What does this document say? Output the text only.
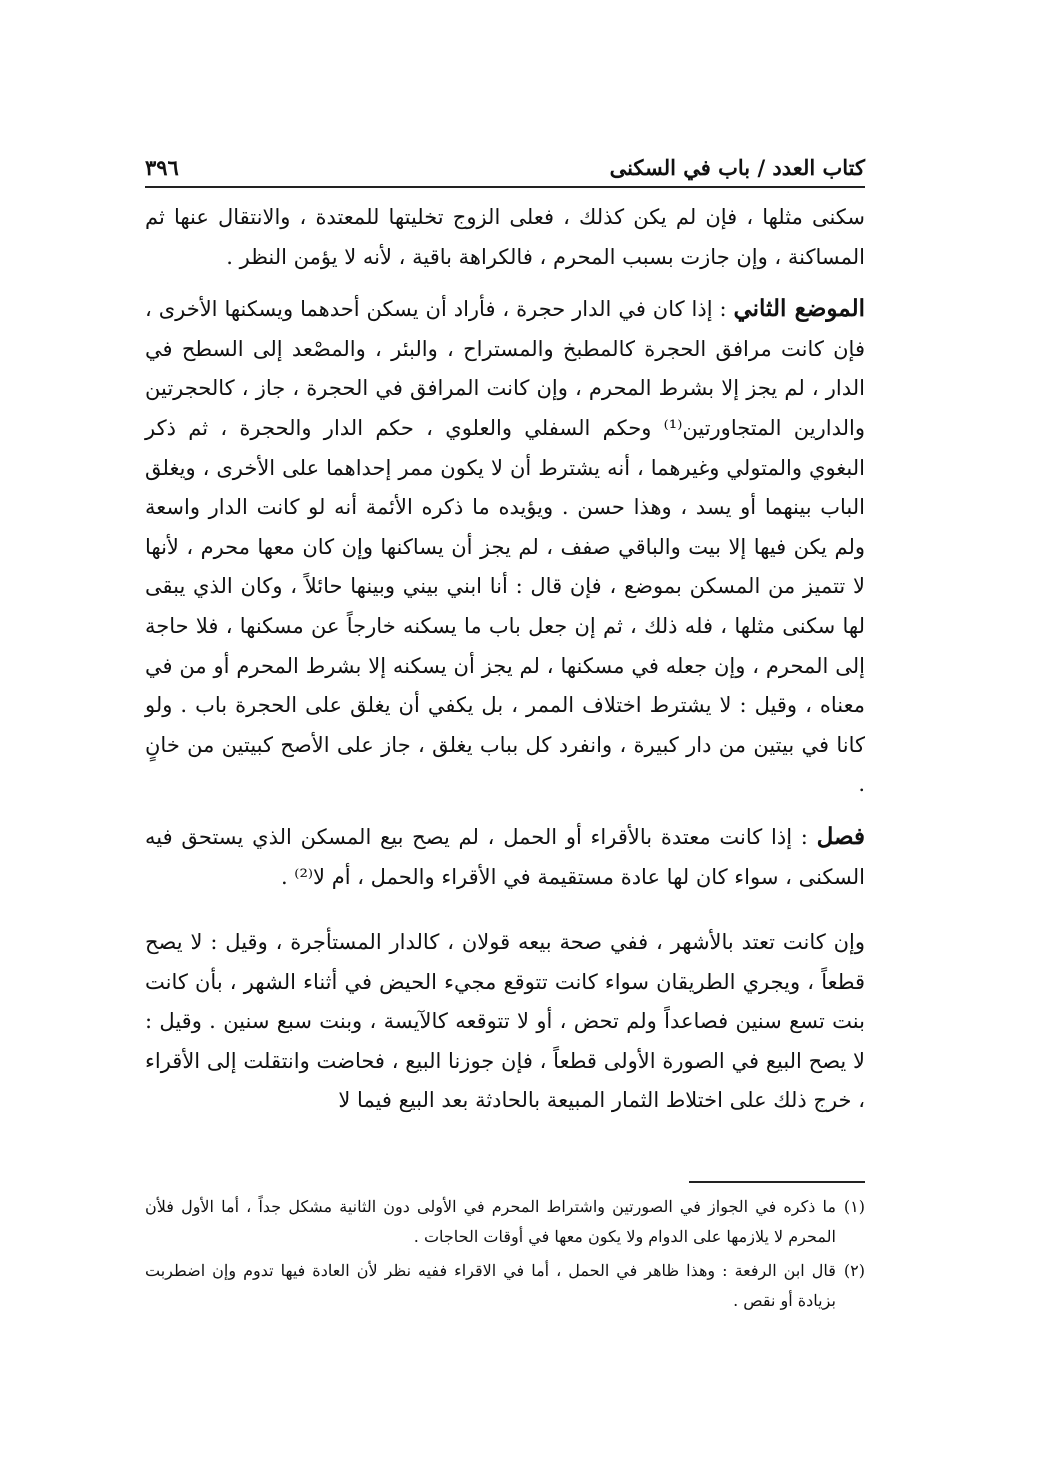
كتاب العدد / باب في السكنى
٣٩٦

سكنى مثلها ، فإن لم يكن كذلك ، فعلى الزوج تخليتها للمعتدة ، والانتقال عنها ثم المساكنة ، وإن جازت بسبب المحرم ، فالكراهة باقية ، لأنه لا يؤمن النظر .

الموضع الثاني : إذا كان في الدار حجرة ، فأراد أن يسكن أحدهما ويسكنها الأخرى ، فإن كانت مرافق الحجرة كالمطبخ والمستراح ، والبئر ، والمصْعد إلى السطح في الدار ، لم يجز إلا بشرط المحرم ، وإن كانت المرافق في الحجرة ، جاز ، كالحجرتين والدارين المتجاورتين⁽¹⁾ وحكم السفلي والعلوي ، حكم الدار والحجرة ، ثم ذكر البغوي والمتولي وغيرهما ، أنه يشترط أن لا يكون ممر إحداهما على الأخرى ، ويغلق الباب بينهما أو يسد ، وهذا حسن . ويؤيده ما ذكره الأئمة أنه لو كانت الدار واسعة ولم يكن فيها إلا بيت والباقي صفف ، لم يجز أن يساكنها وإن كان معها محرم ، لأنها لا تتميز من المسكن بموضع ، فإن قال : أنا ابني بيني وبينها حائلاً ، وكان الذي يبقى لها سكنى مثلها ، فله ذلك ، ثم إن جعل باب ما يسكنه خارجاً عن مسكنها ، فلا حاجة إلى المحرم ، وإن جعله في مسكنها ، لم يجز أن يسكنه إلا بشرط المحرم أو من في معناه ، وقيل : لا يشترط اختلاف الممر ، بل يكفي أن يغلق على الحجرة باب . ولو كانا في بيتين من دار كبيرة ، وانفرد كل بباب يغلق ، جاز على الأصح كبيتين من خانٍ .

فصل : إذا كانت معتدة بالأقراء أو الحمل ، لم يصح بيع المسكن الذي يستحق فيه السكنى ، سواء كان لها عادة مستقيمة في الأقراء والحمل ، أم لا⁽²⁾ .

وإن كانت تعتد بالأشهر ، ففي صحة بيعه قولان ، كالدار المستأجرة ، وقيل : لا يصح قطعاً ، ويجري الطريقان سواء كانت تتوقع مجيء الحيض في أثناء الشهر ، بأن كانت بنت تسع سنين فصاعداً ولم تحض ، أو لا تتوقعه كالآيسة ، وبنت سبع سنين . وقيل : لا يصح البيع في الصورة الأولى قطعاً ، فإن جوزنا البيع ، فحاضت وانتقلت إلى الأقراء ، خرج ذلك على اختلاط الثمار المبيعة بالحادثة بعد البيع فيما لا

(١)
ما ذكره في الجواز في الصورتين واشتراط المحرم في الأولى دون الثانية مشكل جداً ، أما الأول فلأن المحرم لا يلازمها على الدوام ولا يكون معها في أوقات الحاجات .
(٢)
قال ابن الرفعة : وهذا ظاهر في الحمل ، أما في الاقراء ففيه نظر لأن العادة فيها تدوم وإن اضطربت بزيادة أو نقص .
